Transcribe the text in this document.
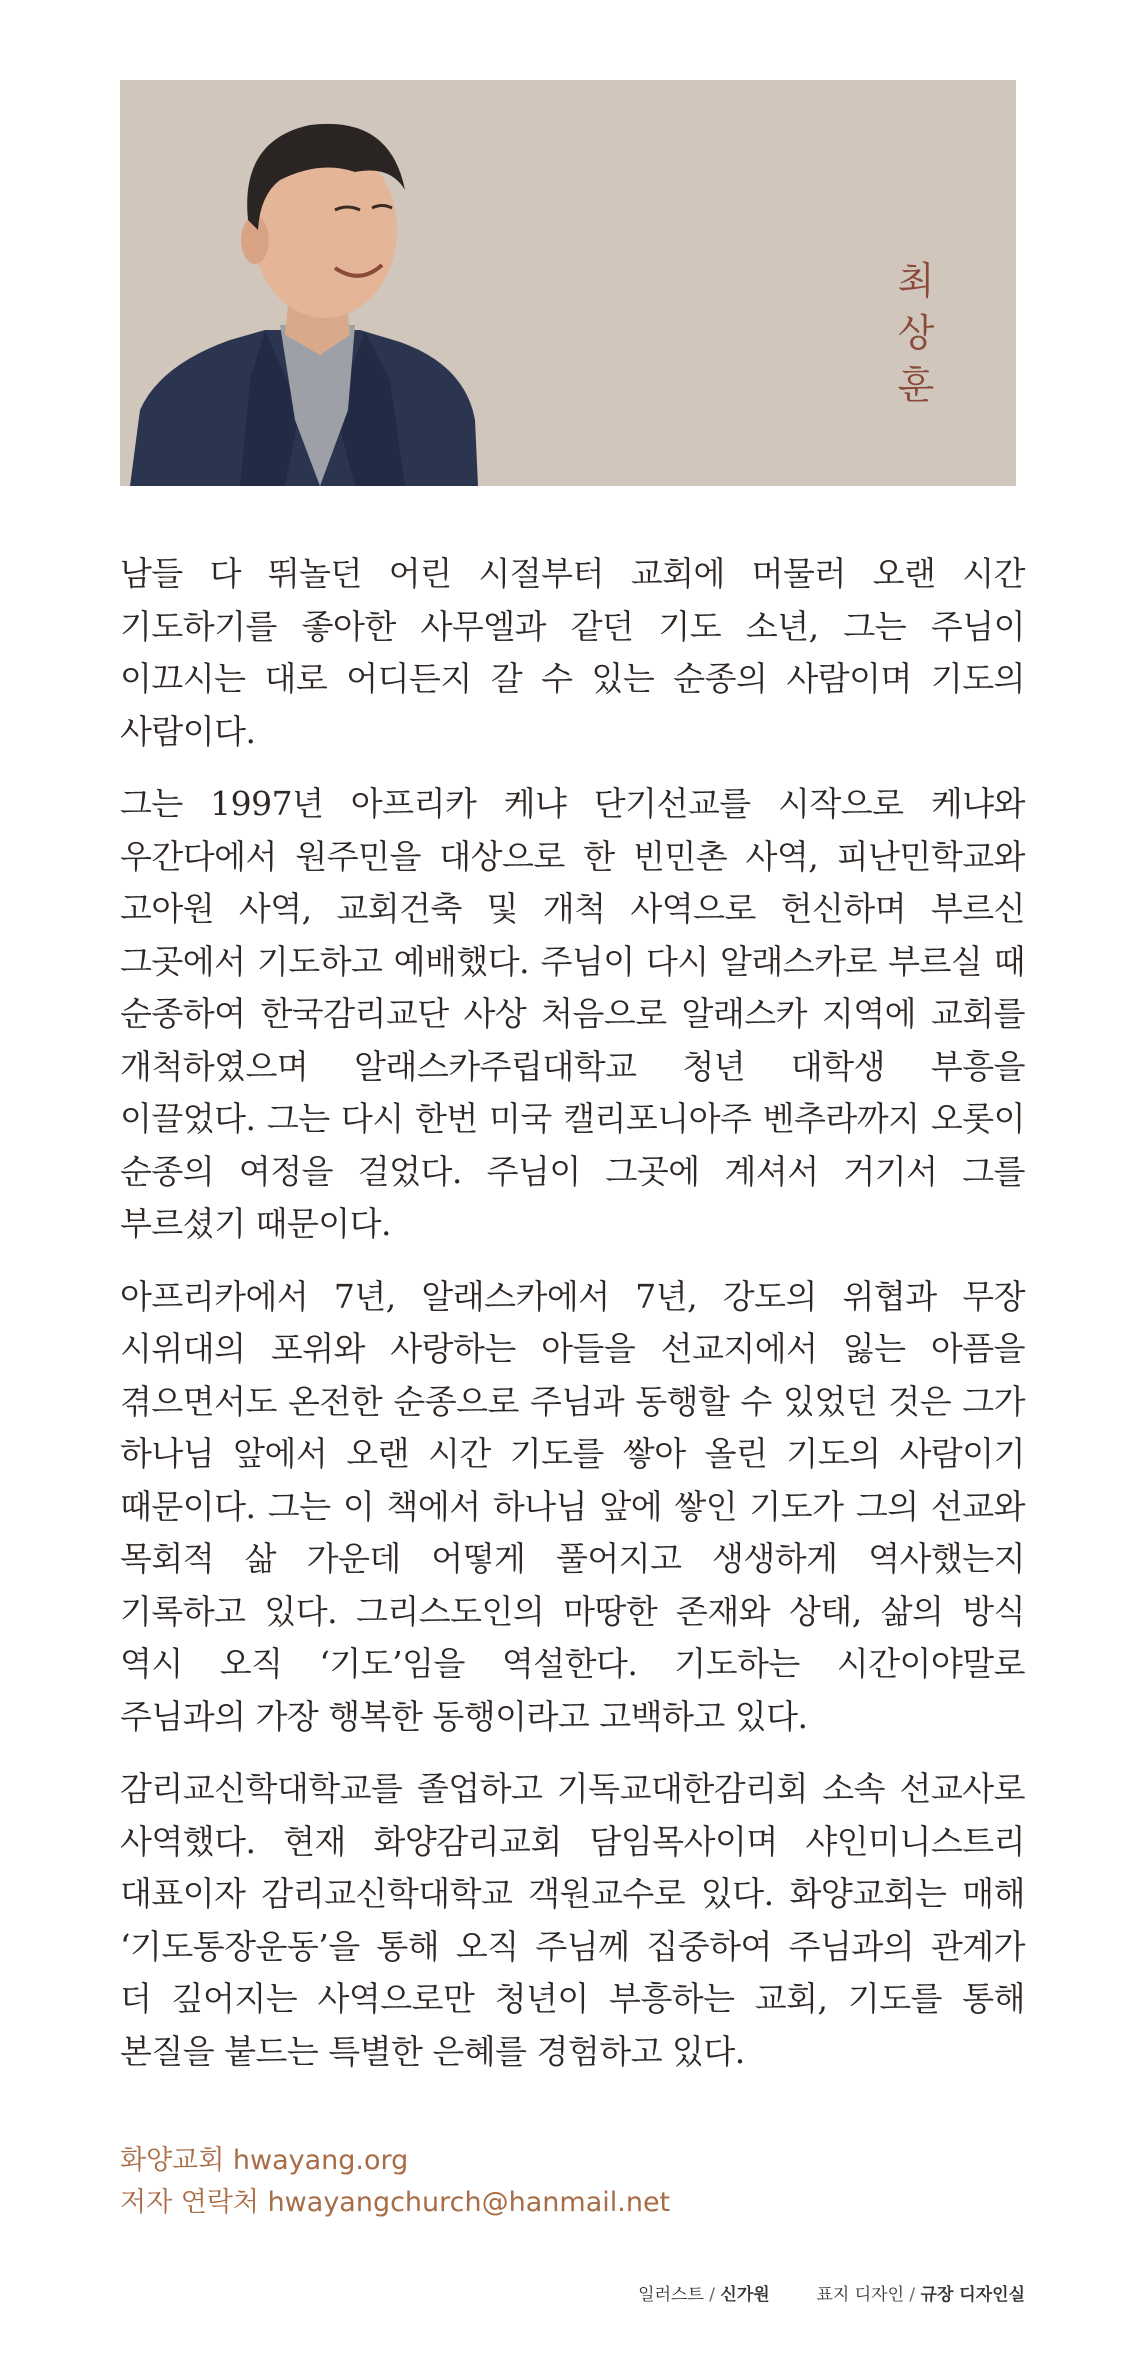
최상훈

남들 다 뛰놀던 어린 시절부터 교회에 머물러 오랜 시간 기도하기를 좋아한 사무엘과 같던 기도 소년, 그는 주님이 이끄시는 대로 어디든지 갈 수 있는 순종의 사람이며 기도의 사람이다.

그는 1997년 아프리카 케냐 단기선교를 시작으로 케냐와 우간다에서 원주민을 대상으로 한 빈민촌 사역, 피난민학교와 고아원 사역, 교회건축 및 개척 사역으로 헌신하며 부르신 그곳에서 기도하고 예배했다. 주님이 다시 알래스카로 부르실 때 순종하여 한국감리교단 사상 처음으로 알래스카 지역에 교회를 개척하였으며 알래스카주립대학교 청년 대학생 부흥을 이끌었다. 그는 다시 한번 미국 캘리포니아주 벤추라까지 오롯이 순종의 여정을 걸었다. 주님이 그곳에 계셔서 거기서 그를 부르셨기 때문이다.

아프리카에서 7년, 알래스카에서 7년, 강도의 위협과 무장 시위대의 포위와 사랑하는 아들을 선교지에서 잃는 아픔을 겪으면서도 온전한 순종으로 주님과 동행할 수 있었던 것은 그가 하나님 앞에서 오랜 시간 기도를 쌓아 올린 기도의 사람이기 때문이다. 그는 이 책에서 하나님 앞에 쌓인 기도가 그의 선교와 목회적 삶 가운데 어떻게 풀어지고 생생하게 역사했는지 기록하고 있다. 그리스도인의 마땅한 존재와 상태, 삶의 방식 역시 오직 ‘기도’임을 역설한다. 기도하는 시간이야말로 주님과의 가장 행복한 동행이라고 고백하고 있다.

감리교신학대학교를 졸업하고 기독교대한감리회 소속 선교사로 사역했다. 현재 화양감리교회 담임목사이며 샤인미니스트리 대표이자 감리교신학대학교 객원교수로 있다. 화양교회는 매해 ‘기도통장운동’을 통해 오직 주님께 집중하여 주님과의 관계가 더 깊어지는 사역으로만 청년이 부흥하는 교회, 기도를 통해 본질을 붙드는 특별한 은혜를 경험하고 있다.

화양교회 hwayang.org
저자 연락처 hwayangchurch@hanmail.net
일러스트 / 신가원	표지 디자인 / 규장 디자인실
